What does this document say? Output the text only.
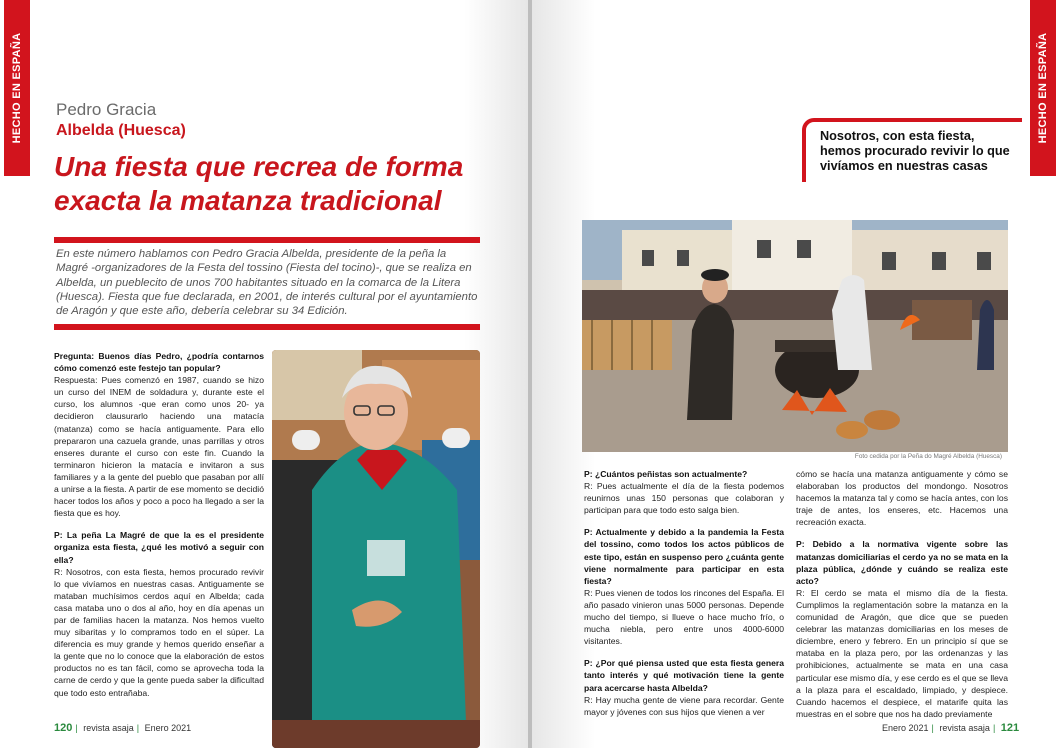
HECHO EN ESPAÑA Pedro Gracia
Albelda (Huesca)
Una fiesta que recrea de forma exacta la matanza tradicional
En este número hablamos con Pedro Gracia Albelda, presidente de la peña la Magré -organizadores de la Festa del tossino (Fiesta del tocino)-, que se realiza en Albelda, un pueblecito de unos 700 habitantes situado en la comarca de la Litera (Huesca). Fiesta que fue declarada, en 2001, de interés cultural por el ayuntamiento de Aragón y que este año, debería celebrar su 34 Edición.

Pregunta: Buenos días Pedro, ¿podría contarnos cómo comenzó este festejo tan popular?
Respuesta: Pues comenzó en 1987, cuando se hizo un curso del INEM de soldadura y, durante este el curso, los alumnos -que eran como unos 20- ya decidieron clausurarlo haciendo una matacía (matanza) como se hacía antiguamente. Para ello prepararon una cazuela grande, unas parrillas y otros enseres durante el curso con este fin. Cuando la terminaron hicieron la matacía e invitaron a sus familiares y a la gente del pueblo que pasaban por allí a unirse a la fiesta. A partir de ese momento se decidió hacer todos los años y poco a poco ha llegado a ser la fiesta que es hoy.

P: La peña La Magré de que la es el presidente organiza esta fiesta, ¿qué les motivó a seguir con ella?
R: Nosotros, con esta fiesta, hemos procurado revivir lo que vivíamos en nuestras casas. Antiguamente se mataban muchísimos cerdos aquí en Albelda; cada casa mataba uno o dos al año, hoy en día apenas un par de familias hacen la matanza. Nos hemos vuelto muy sibaritas y lo compramos todo en el súper. La diferencia es muy grande y hemos querido enseñar a la gente que no lo conoce que la elaboración de estos productos no es tan fácil, como se aprovecha toda la carne de cerdo y que la gente pueda saber la dificultad que todo esto entrañaba.

120 | revista asaja | Enero 2021
HECHO EN ESPAÑA
Nosotros, con esta fiesta, hemos procurado revivir lo que vivíamos en nuestras casas
Foto cedida por la Peña do Magré Albelda (Huesca)

P: ¿Cuántos peñistas son actualmente?
R: Pues actualmente el día de la fiesta podemos reunirnos unas 150 personas que colaboran y participan para que todo esto salga bien.

P: Actualmente y debido a la pandemia la Festa del tossino, como todos los actos públicos de este tipo, están en suspenso pero ¿cuánta gente viene normalmente para participar en esta fiesta?
R: Pues vienen de todos los rincones del España. El año pasado vinieron unas 5000 personas. Depende mucho del tiempo, si llueve o hace mucho frío, o mucha niebla, pero entre unos 4000-6000 visitantes.

P: ¿Por qué piensa usted que esta fiesta genera tanto interés y qué motivación tiene la gente para acercarse hasta Albelda?
R: Hay mucha gente de viene para recordar. Gente mayor y jóvenes con sus hijos que vienen a ver

cómo se hacía una matanza antiguamente y cómo se elaboraban los productos del mondongo. Nosotros hacemos la matanza tal y como se hacía antes, con los traje de antes, los enseres, etc. Hacemos una recreación exacta.

P: Debido a la normativa vigente sobre las matanzas domiciliarias el cerdo ya no se mata en la plaza pública, ¿dónde y cuándo se realiza este acto?
R: El cerdo se mata el mismo día de la fiesta. Cumplimos la reglamentación sobre la matanza en la comunidad de Aragón, que dice que se pueden celebrar las matanzas domiciliarias en los meses de diciembre, enero y febrero. En un principio sí que se mataba en la plaza pero, por las ordenanzas y las prohibiciones, actualmente se mata en una casa particular ese mismo día, y ese cerdo es el que se lleva a la plaza para el escaldado, limpiado, y despiece. Cuando hacemos el despiece, el matarife quita las muestras en el sobre que nos ha dado previamente

Enero 2021 | revista asaja | 121
